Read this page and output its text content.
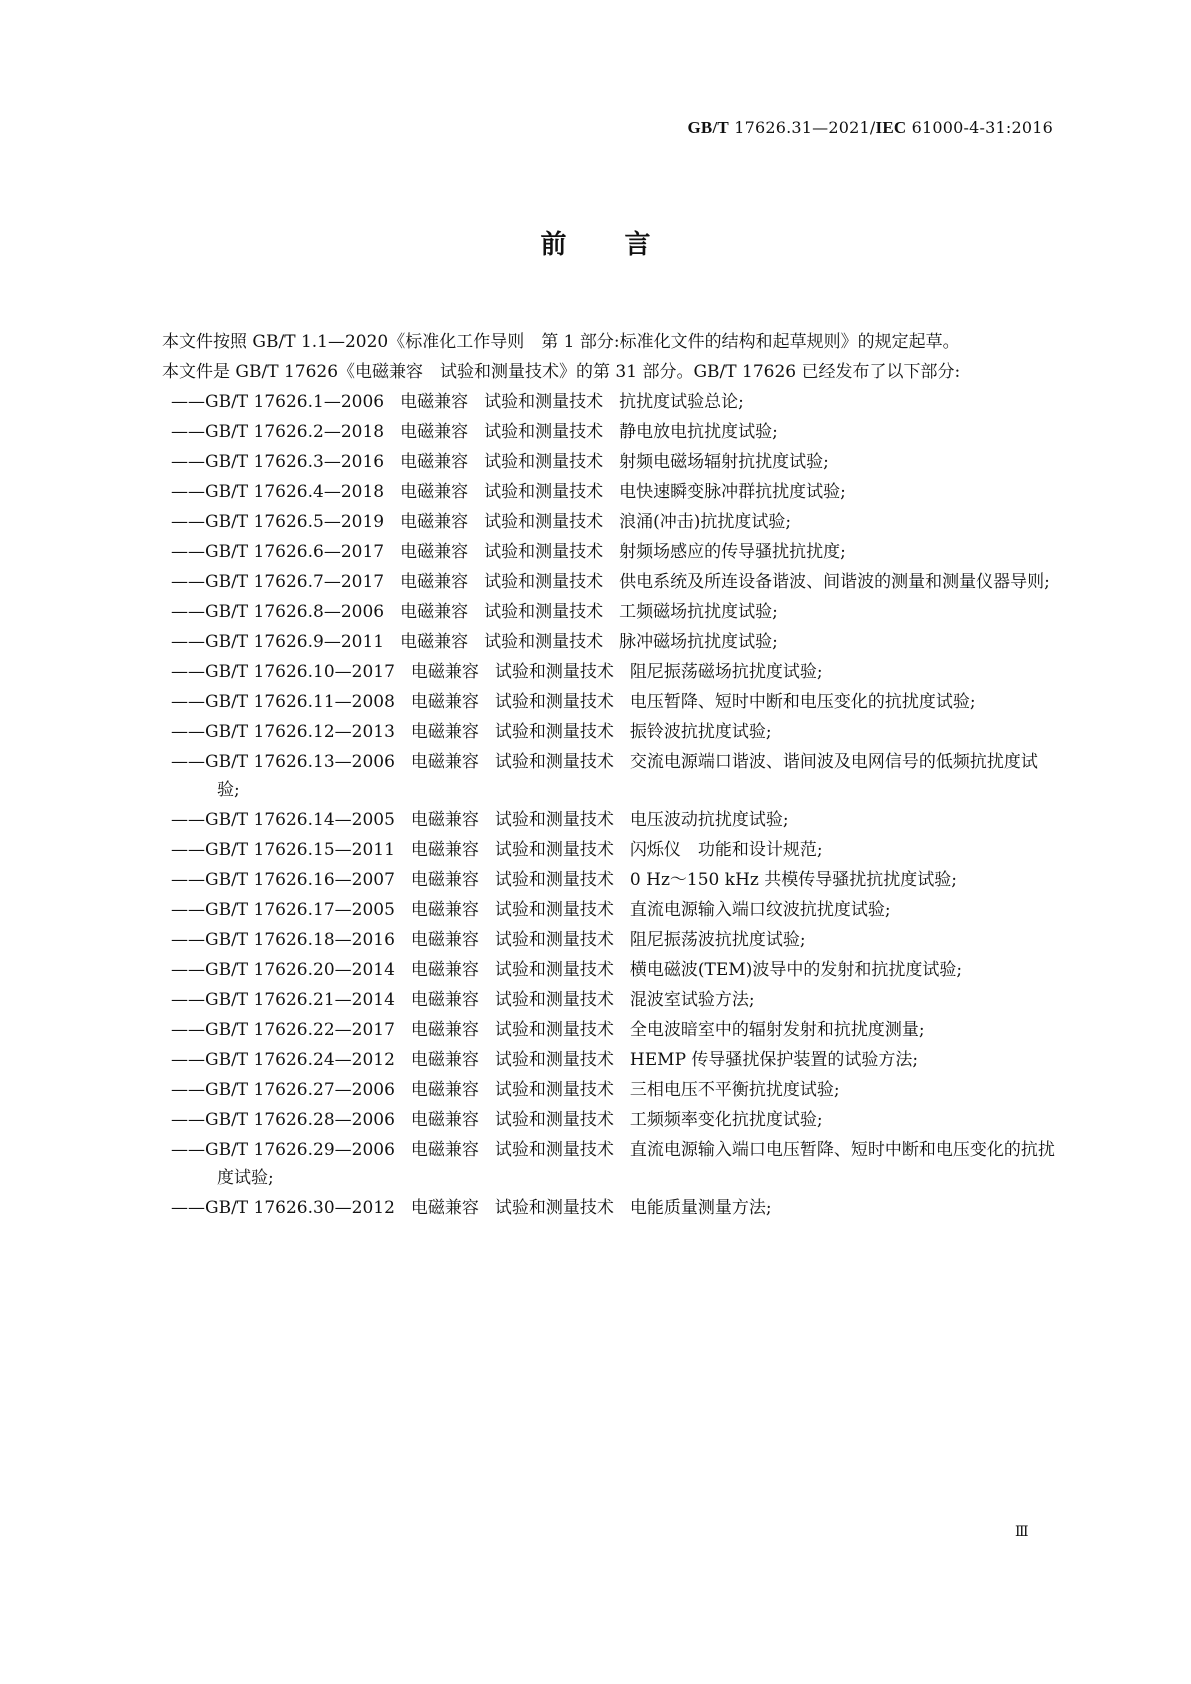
GB/T 17626.31—2021/IEC 61000-4-31:2016
前 言

本文件按照 GB/T 1.1—2020《标准化工作导则　第 1 部分:标准化文件的结构和起草规则》的规定起草。

本文件是 GB/T 17626《电磁兼容　试验和测量技术》的第 31 部分。GB/T 17626 已经发布了以下部分:

——GB/T 17626.1—2006 电磁兼容 试验和测量技术 抗扰度试验总论;
——GB/T 17626.2—2018 电磁兼容 试验和测量技术 静电放电抗扰度试验;
——GB/T 17626.3—2016 电磁兼容 试验和测量技术 射频电磁场辐射抗扰度试验;
——GB/T 17626.4—2018 电磁兼容 试验和测量技术 电快速瞬变脉冲群抗扰度试验;
——GB/T 17626.5—2019 电磁兼容 试验和测量技术 浪涌(冲击)抗扰度试验;
——GB/T 17626.6—2017 电磁兼容 试验和测量技术 射频场感应的传导骚扰抗扰度;
——GB/T 17626.7—2017 电磁兼容 试验和测量技术 供电系统及所连设备谐波、间谐波的测量和测量仪器导则;
——GB/T 17626.8—2006 电磁兼容 试验和测量技术 工频磁场抗扰度试验;
——GB/T 17626.9—2011 电磁兼容 试验和测量技术 脉冲磁场抗扰度试验;
——GB/T 17626.10—2017 电磁兼容 试验和测量技术 阻尼振荡磁场抗扰度试验;
——GB/T 17626.11—2008 电磁兼容 试验和测量技术 电压暂降、短时中断和电压变化的抗扰度试验;
——GB/T 17626.12—2013 电磁兼容 试验和测量技术 振铃波抗扰度试验;
——GB/T 17626.13—2006 电磁兼容 试验和测量技术 交流电源端口谐波、谐间波及电网信号的低频抗扰度试验;
——GB/T 17626.14—2005 电磁兼容 试验和测量技术 电压波动抗扰度试验;
——GB/T 17626.15—2011 电磁兼容 试验和测量技术 闪烁仪　功能和设计规范;
——GB/T 17626.16—2007 电磁兼容 试验和测量技术 0 Hz～150 kHz 共模传导骚扰抗扰度试验;
——GB/T 17626.17—2005 电磁兼容 试验和测量技术 直流电源输入端口纹波抗扰度试验;
——GB/T 17626.18—2016 电磁兼容 试验和测量技术 阻尼振荡波抗扰度试验;
——GB/T 17626.20—2014 电磁兼容 试验和测量技术 横电磁波(TEM)波导中的发射和抗扰度试验;
——GB/T 17626.21—2014 电磁兼容 试验和测量技术 混波室试验方法;
——GB/T 17626.22—2017 电磁兼容 试验和测量技术 全电波暗室中的辐射发射和抗扰度测量;
——GB/T 17626.24—2012 电磁兼容 试验和测量技术 HEMP 传导骚扰保护装置的试验方法;
——GB/T 17626.27—2006 电磁兼容 试验和测量技术 三相电压不平衡抗扰度试验;
——GB/T 17626.28—2006 电磁兼容 试验和测量技术 工频频率变化抗扰度试验;
——GB/T 17626.29—2006 电磁兼容 试验和测量技术 直流电源输入端口电压暂降、短时中断和电压变化的抗扰度试验;
——GB/T 17626.30—2012 电磁兼容 试验和测量技术 电能质量测量方法;
Ⅲ
